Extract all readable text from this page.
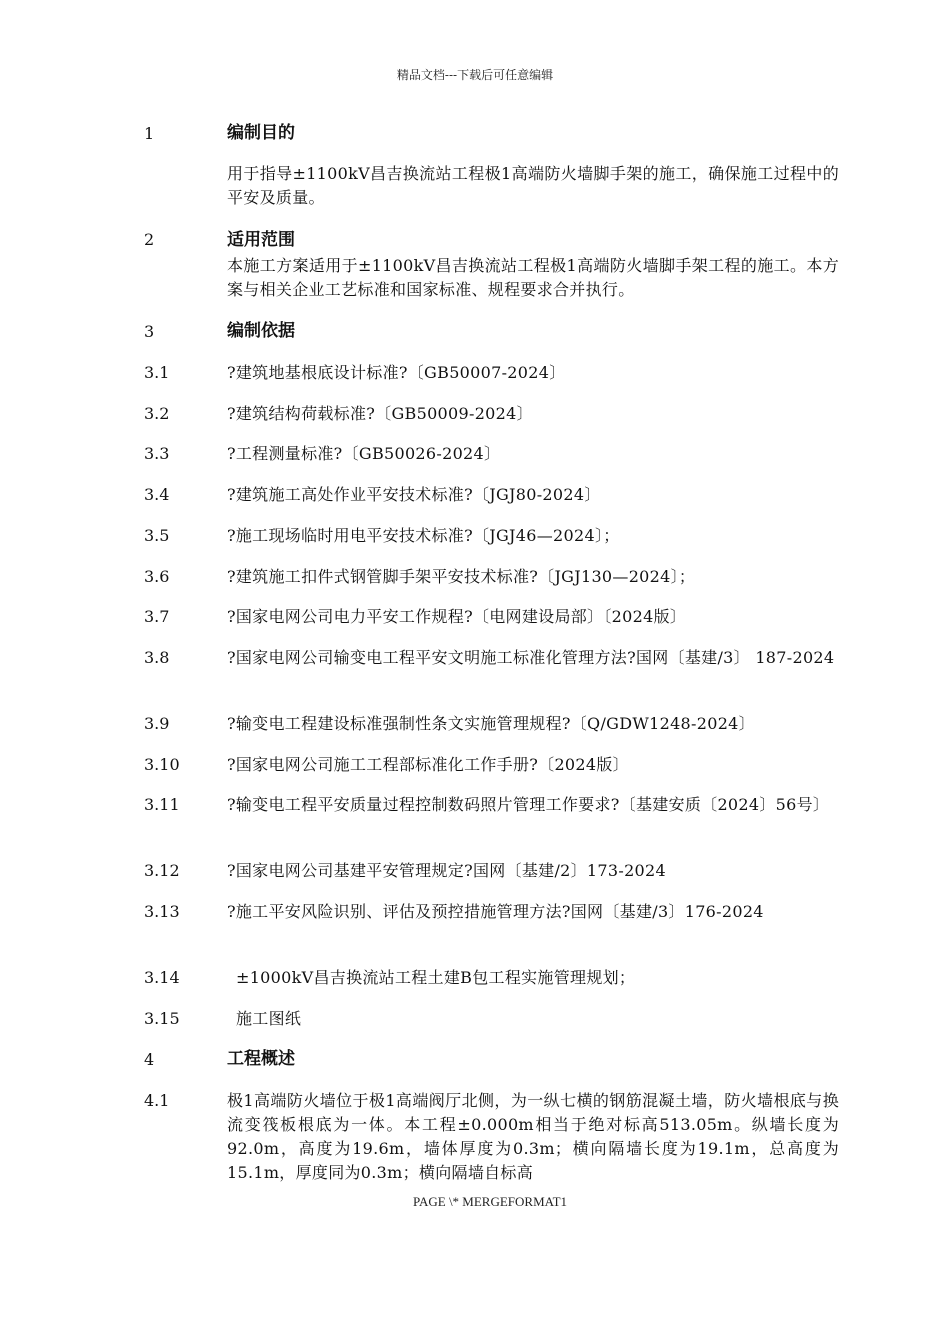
精品文档---下载后可任意编辑
1	编制目的
用于指导±1100kV昌吉换流站工程极1高端防火墙脚手架的施工，确保施工过程中的平安及质量。
2	适用范围
本施工方案适用于±1100kV昌吉换流站工程极1高端防火墙脚手架工程的施工。本方案与相关企业工艺标准和国家标准、规程要求合并执行。
3	编制依据
3.1	?建筑地基根底设计标准?〔GB50007-2024〕
3.2	?建筑结构荷载标准?〔GB50009-2024〕
3.3	?工程测量标准?〔GB50026-2024〕
3.4	?建筑施工高处作业平安技术标准?〔JGJ80-2024〕
3.5	?施工现场临时用电平安技术标准?〔JGJ46—2024〕；
3.6	?建筑施工扣件式钢管脚手架平安技术标准?〔JGJ130—2024〕；
3.7	?国家电网公司电力平安工作规程?〔电网建设局部〕〔2024版〕
3.8	?国家电网公司输变电工程平安文明施工标准化管理方法?国网〔基建/3〕 187-2024
3.9	?输变电工程建设标准强制性条文实施管理规程?〔Q/GDW1248-2024〕
3.10	?国家电网公司施工工程部标准化工作手册?〔2024版〕
3.11	?输变电工程平安质量过程控制数码照片管理工作要求?〔基建安质〔2024〕56号〕
3.12	?国家电网公司基建平安管理规定?国网〔基建/2〕173-2024
3.13	?施工平安风险识别、评估及预控措施管理方法?国网〔基建/3〕176-2024
3.14	±1000kV昌吉换流站工程土建B包工程实施管理规划；
3.15	施工图纸
4	工程概述
4.1	极1高端防火墙位于极1高端阀厅北侧，为一纵七横的钢筋混凝土墙，防火墙根底与换流变筏板根底为一体。本工程±0.000m相当于绝对标高513.05m。纵墙长度为92.0m，高度为19.6m，墙体厚度为0.3m；横向隔墙长度为19.1m，总高度为15.1m，厚度同为0.3m；横向隔墙自标高
PAGE \* MERGEFORMAT1
